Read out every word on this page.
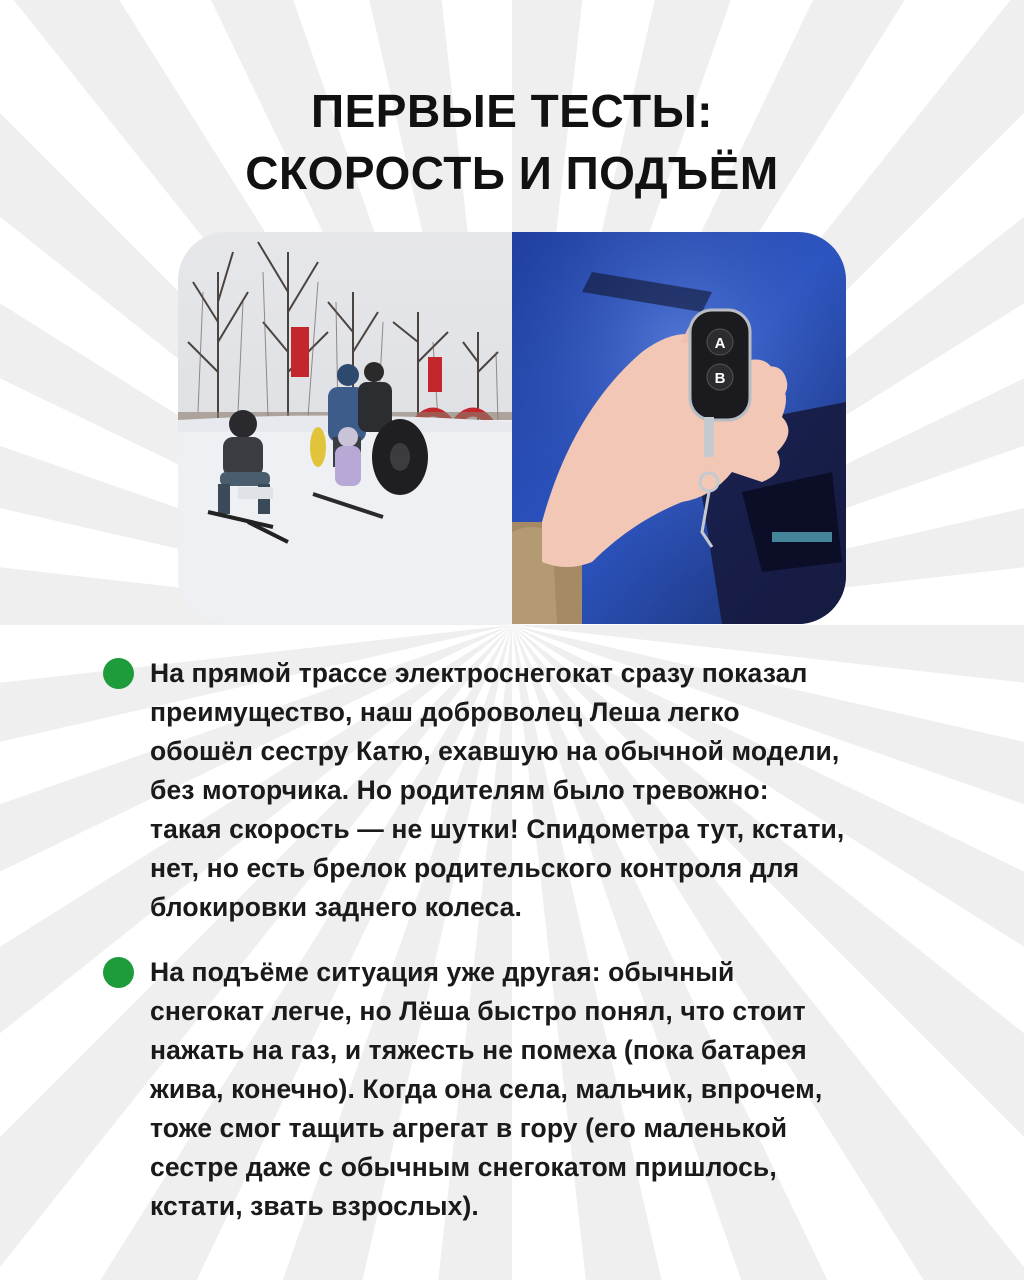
ПЕРВЫЕ ТЕСТЫ:
СКОРОСТЬ И ПОДЪЁМ
A
B
На прямой трассе электроснегокат сразу показал
преимущество, наш доброволец Леша легко
обошёл сестру Катю, ехавшую на обычной модели,
без моторчика. Но родителям было тревожно:
такая скорость — не шутки! Спидометра тут, кстати,
нет, но есть брелок родительского контроля для
блокировки заднего колеса.
На подъёме ситуация уже другая: обычный
снегокат легче, но Лёша быстро понял, что стоит
нажать на газ, и тяжесть не помеха (пока батарея
жива, конечно). Когда она села, мальчик, впрочем,
тоже смог тащить агрегат в гору (его маленькой
сестре даже с обычным снегокатом пришлось,
кстати, звать взрослых).
